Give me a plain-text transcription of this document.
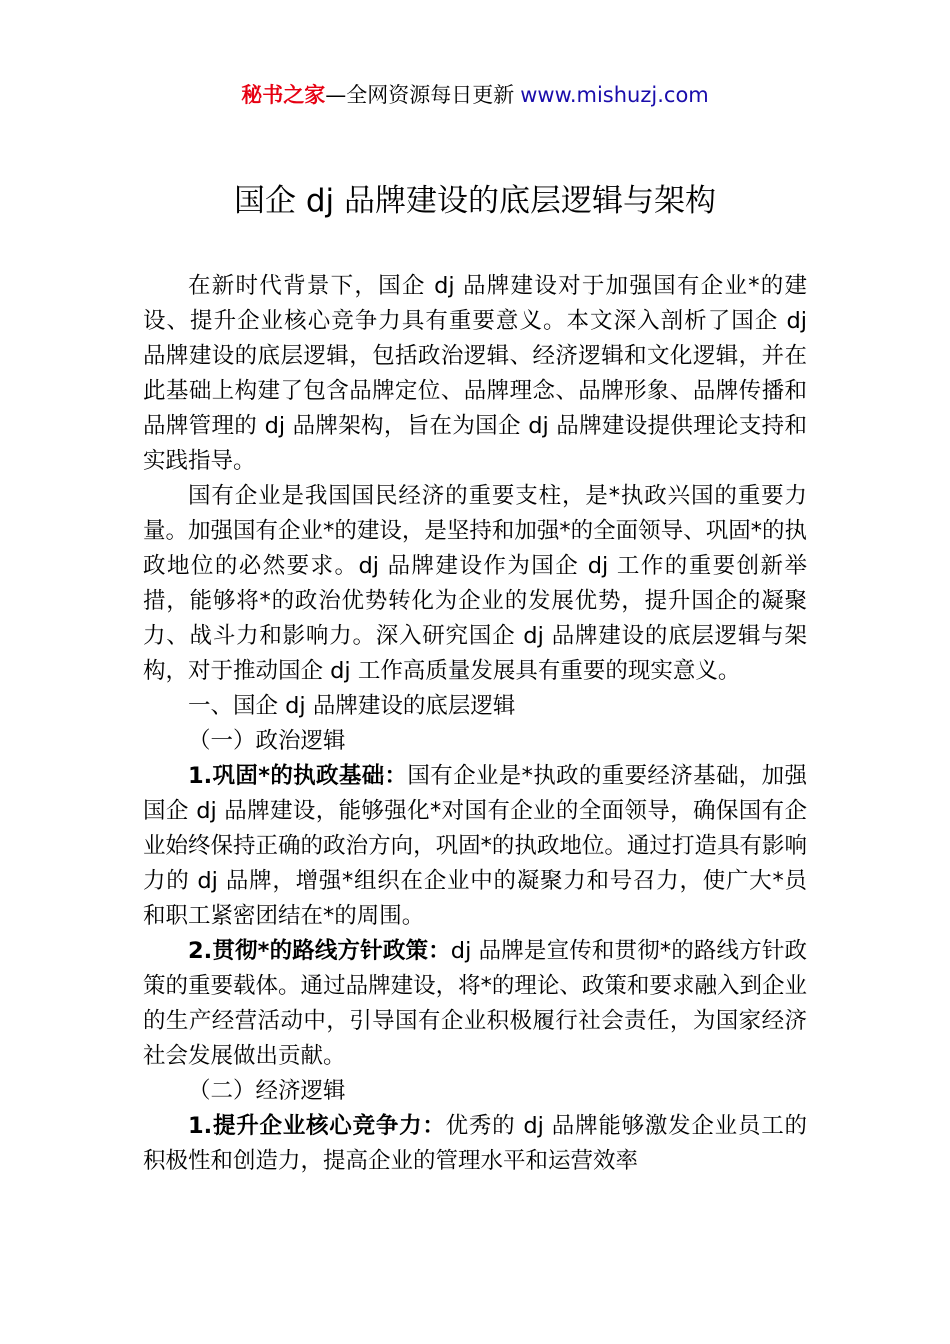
秘书之家—全网资源每日更新 www.mishuzj.com
国企 dj 品牌建设的底层逻辑与架构

在新时代背景下，国企 dj 品牌建设对于加强国有企业*的建设、提升企业核心竞争力具有重要意义。本文深入剖析了国企 dj 品牌建设的底层逻辑，包括政治逻辑、经济逻辑和文化逻辑，并在此基础上构建了包含品牌定位、品牌理念、品牌形象、品牌传播和品牌管理的 dj 品牌架构，旨在为国企 dj 品牌建设提供理论支持和实践指导。

国有企业是我国国民经济的重要支柱，是*执政兴国的重要力量。加强国有企业*的建设，是坚持和加强*的全面领导、巩固*的执政地位的必然要求。dj 品牌建设作为国企 dj 工作的重要创新举措，能够将*的政治优势转化为企业的发展优势，提升国企的凝聚力、战斗力和影响力。深入研究国企 dj 品牌建设的底层逻辑与架构，对于推动国企 dj 工作高质量发展具有重要的现实意义。

一、国企 dj 品牌建设的底层逻辑

（一）政治逻辑

1.巩固*的执政基础：国有企业是*执政的重要经济基础，加强国企 dj 品牌建设，能够强化*对国有企业的全面领导，确保国有企业始终保持正确的政治方向，巩固*的执政地位。通过打造具有影响力的 dj 品牌，增强*组织在企业中的凝聚力和号召力，使广大*员和职工紧密团结在*的周围。

2.贯彻*的路线方针政策：dj 品牌是宣传和贯彻*的路线方针政策的重要载体。通过品牌建设，将*的理论、政策和要求融入到企业的生产经营活动中，引导国有企业积极履行社会责任，为国家经济社会发展做出贡献。

（二）经济逻辑

1.提升企业核心竞争力：优秀的 dj 品牌能够激发企业员工的积极性和创造力，提高企业的管理水平和运营效率
